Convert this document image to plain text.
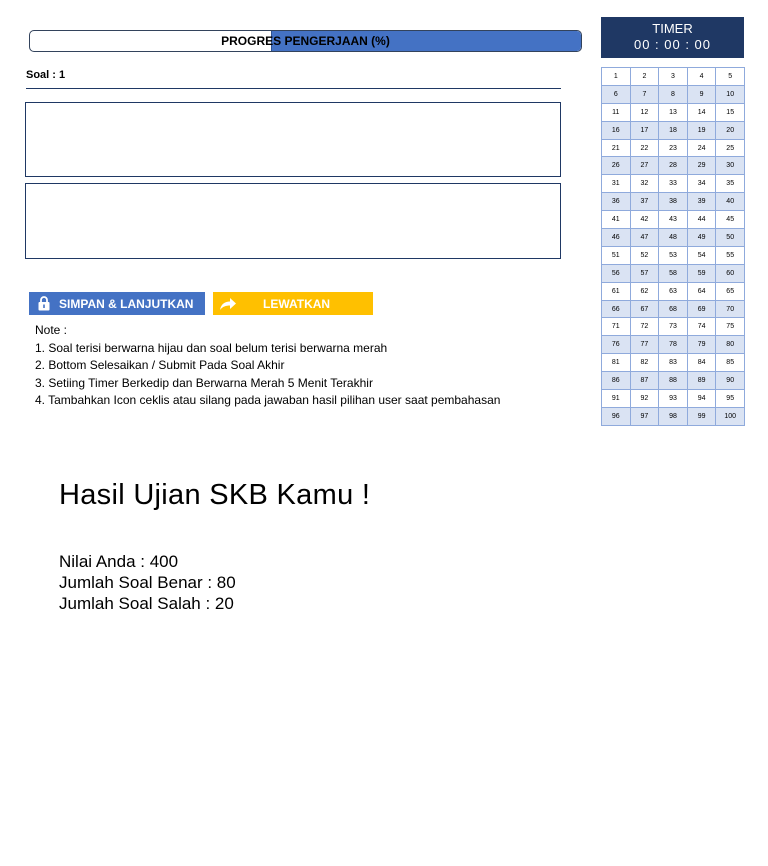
PROGRES PENGERJAAN (%)
Soal : 1
SIMPAN & LANJUTKAN	LEWATKAN
Note :
1. Soal terisi berwarna hijau dan soal belum terisi berwarna merah
2. Bottom Selesaikan / Submit Pada Soal Akhir
3. Setiing Timer Berkedip dan Berwarna Merah 5 Menit Terakhir
4. Tambahkan Icon ceklis atau silang pada jawaban hasil pilihan user saat pembahasan
TIMER
00 : 00 : 00
1	2	3	4	5
6	7	8	9	10
11	12	13	14	15
16	17	18	19	20
21	22	23	24	25
26	27	28	29	30
31	32	33	34	35
36	37	38	39	40
41	42	43	44	45
46	47	48	49	50
51	52	53	54	55
56	57	58	59	60
61	62	63	64	65
66	67	68	69	70
71	72	73	74	75
76	77	78	79	80
81	82	83	84	85
86	87	88	89	90
91	92	93	94	95
96	97	98	99	100
Hasil Ujian SKB Kamu !
Nilai Anda : 400
Jumlah Soal Benar : 80
Jumlah Soal Salah : 20
